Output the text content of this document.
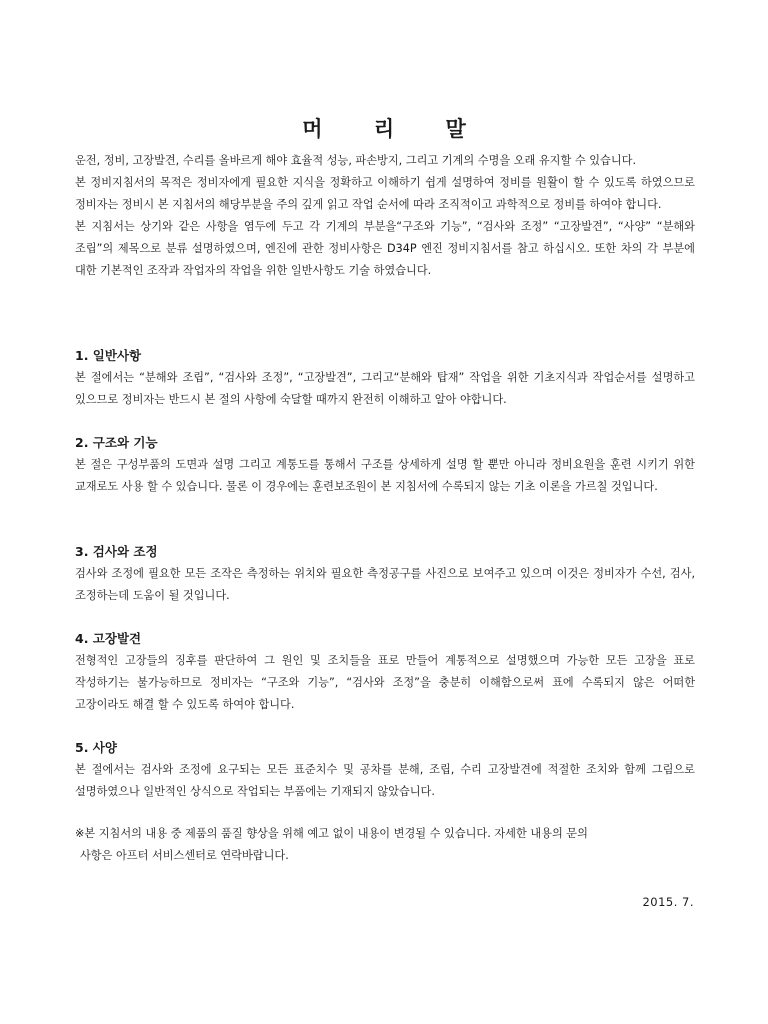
머 리 말

운전, 정비, 고장발견, 수리를 올바르게 해야 효율적 성능, 파손방지, 그리고 기계의 수명을 오래 유지할 수 있습니다.

본 정비지침서의 목적은 정비자에게 필요한 지식을 정확하고 이해하기 쉽게 설명하여 정비를 원활이 할 수 있도록 하였으므로 정비자는 정비시 본 지침서의 해당부분을 주의 깊게 읽고 작업 순서에 따라 조직적이고 과학적으로 정비를 하여야 합니다.

본 지침서는 상기와 같은 사항을 염두에 두고 각 기계의 부분을“구조와 기능”, “검사와 조정” “고장발견”, “사양” “분해와 조립”의 제목으로 분류 설명하였으며, 엔진에 관한 정비사항은 D34P 엔진 정비지침서를 참고 하십시오. 또한 차의 각 부분에 대한 기본적인 조작과 작업자의 작업을 위한 일반사항도 기술 하였습니다.

1. 일반사항

본 절에서는 “분해와 조립”, “검사와 조정”, “고장발견”, 그리고“분해와 탑재” 작업을 위한 기초지식과 작업순서를 설명하고 있으므로 정비자는 반드시 본 절의 사항에 숙달할 때까지 완전히 이해하고 알아 야합니다.

2. 구조와 기능

본 절은 구성부품의 도면과 설명 그리고 계통도를 통해서 구조를 상세하게 설명 할 뿐만 아니라 정비요원을 훈련 시키기 위한 교재로도 사용 할 수 있습니다. 물론 이 경우에는 훈련보조원이 본 지침서에 수록되지 않는 기초 이론을 가르칠 것입니다.

3. 검사와 조정

검사와 조정에 필요한 모든 조작은 측정하는 위치와 필요한 측정공구를 사진으로 보여주고 있으며 이것은 정비자가 수선, 검사, 조정하는데 도움이 될 것입니다.

4. 고장발견

전형적인 고장들의 징후를 판단하여 그 원인 및 조치들을 표로 만들어 계통적으로 설명했으며 가능한 모든 고장을 표로 작성하기는 불가능하므로 정비자는 “구조와 기능”, “검사와 조정”을 충분히 이해함으로써 표에 수록되지 않은 어떠한 고장이라도 해결 할 수 있도록 하여야 합니다.

5. 사양

본 절에서는 검사와 조정에 요구되는 모든 표준치수 및 공차를 분해, 조립, 수리 고장발견에 적절한 조치와 함께 그림으로 설명하였으나 일반적인 상식으로 작업되는 부품에는 기재되지 않았습니다.

※본 지침서의 내용 중 제품의 품질 향상을 위해 예고 없이 내용이 변경될 수 있습니다. 자세한 내용의 문의
사항은 아프터 서비스센터로 연락바랍니다.
2015. 7.
